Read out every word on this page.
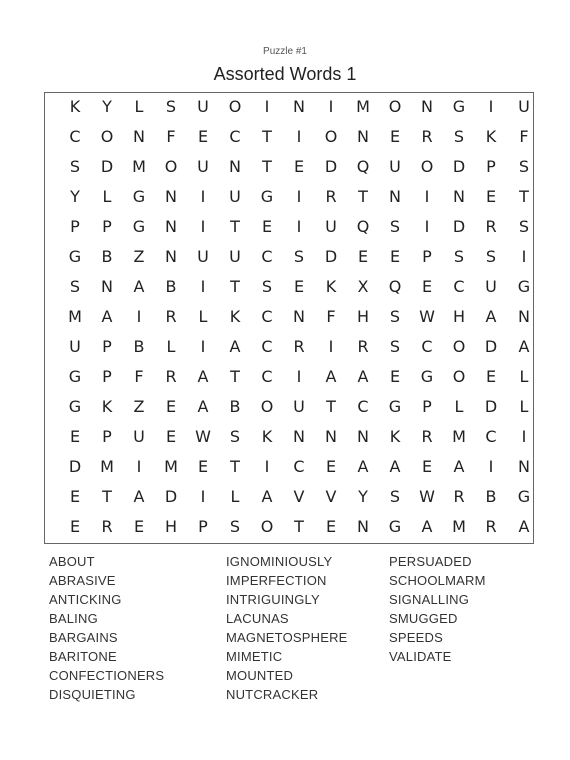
Puzzle #1
Assorted Words 1
K	Y	L	S	U	O	I	N	I	M	O	N	G	I	U
C	O	N	F	E	C	T	I	O	N	E	R	S	K	F
S	D	M	O	U	N	T	E	D	Q	U	O	D	P	S
Y	L	G	N	I	U	G	I	R	T	N	I	N	E	T
P	P	G	N	I	T	E	I	U	Q	S	I	D	R	S
G	B	Z	N	U	U	C	S	D	E	E	P	S	S	I
S	N	A	B	I	T	S	E	K	X	Q	E	C	U	G
M	A	I	R	L	K	C	N	F	H	S	W	H	A	N
U	P	B	L	I	A	C	R	I	R	S	C	O	D	A
G	P	F	R	A	T	C	I	A	A	E	G	O	E	L
G	K	Z	E	A	B	O	U	T	C	G	P	L	D	L
E	P	U	E	W	S	K	N	N	N	K	R	M	C	I
D	M	I	M	E	T	I	C	E	A	A	E	A	I	N
E	T	A	D	I	L	A	V	V	Y	S	W	R	B	G
E	R	E	H	P	S	O	T	E	N	G	A	M	R	A
ABOUT
ABRASIVE
ANTICKING
BALING
BARGAINS
BARITONE
CONFECTIONERS
DISQUIETING
IGNOMINIOUSLY
IMPERFECTION
INTRIGUINGLY
LACUNAS
MAGNETOSPHERE
MIMETIC
MOUNTED
NUTCRACKER
PERSUADED
SCHOOLMARM
SIGNALLING
SMUGGED
SPEEDS
VALIDATE
